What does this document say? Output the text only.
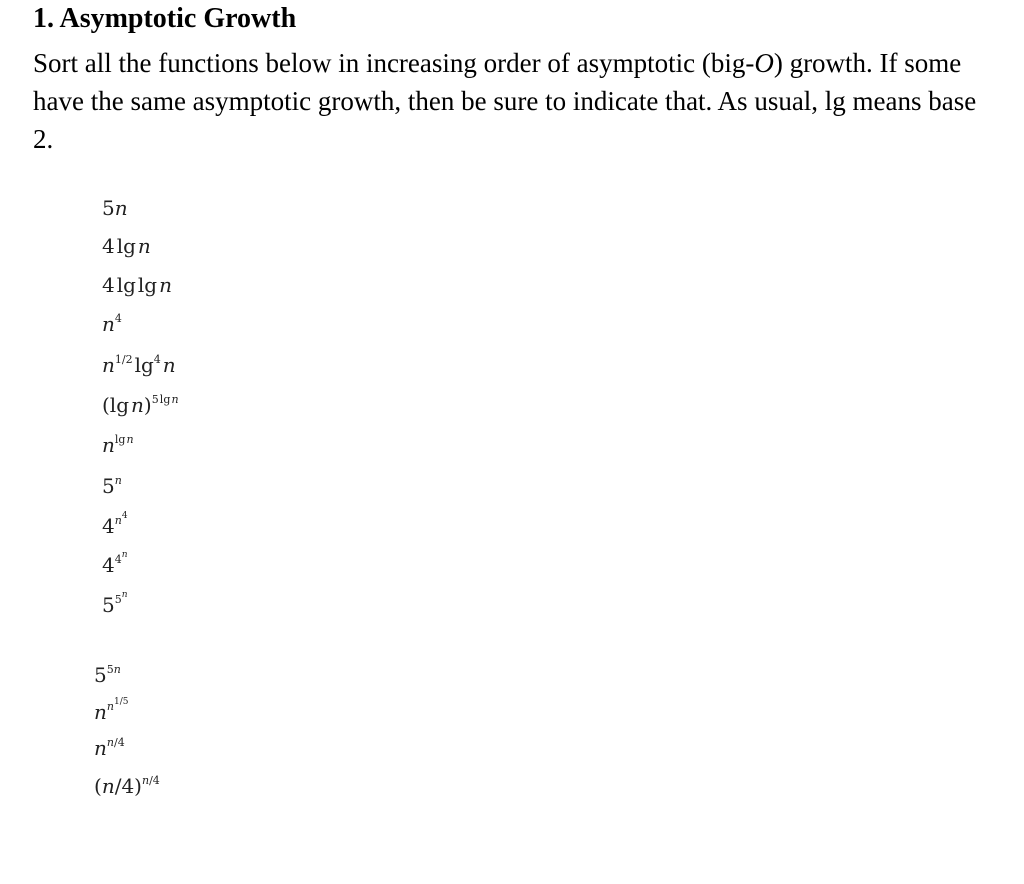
1. Asymptotic Growth

Sort all the functions below in increasing order of asymptotic (big-O) growth. If some have the same asymptotic growth, then be sure to indicate that. As usual, lg means base 2.

5n
4 lg n
4 lg lg n
$n^4$
$n^{1/2}$ $\lg^4$  n
(lg n)$^{5 lg n}$
$n^{lg n}$
5$^n$
$4^{n^4}$
$4^{4^n}$
$5^{5^n}$
$5^{5n}$
$n^{n^{1/5}}$
$n^{n/4}$
$(n/4)^{n/4}$
